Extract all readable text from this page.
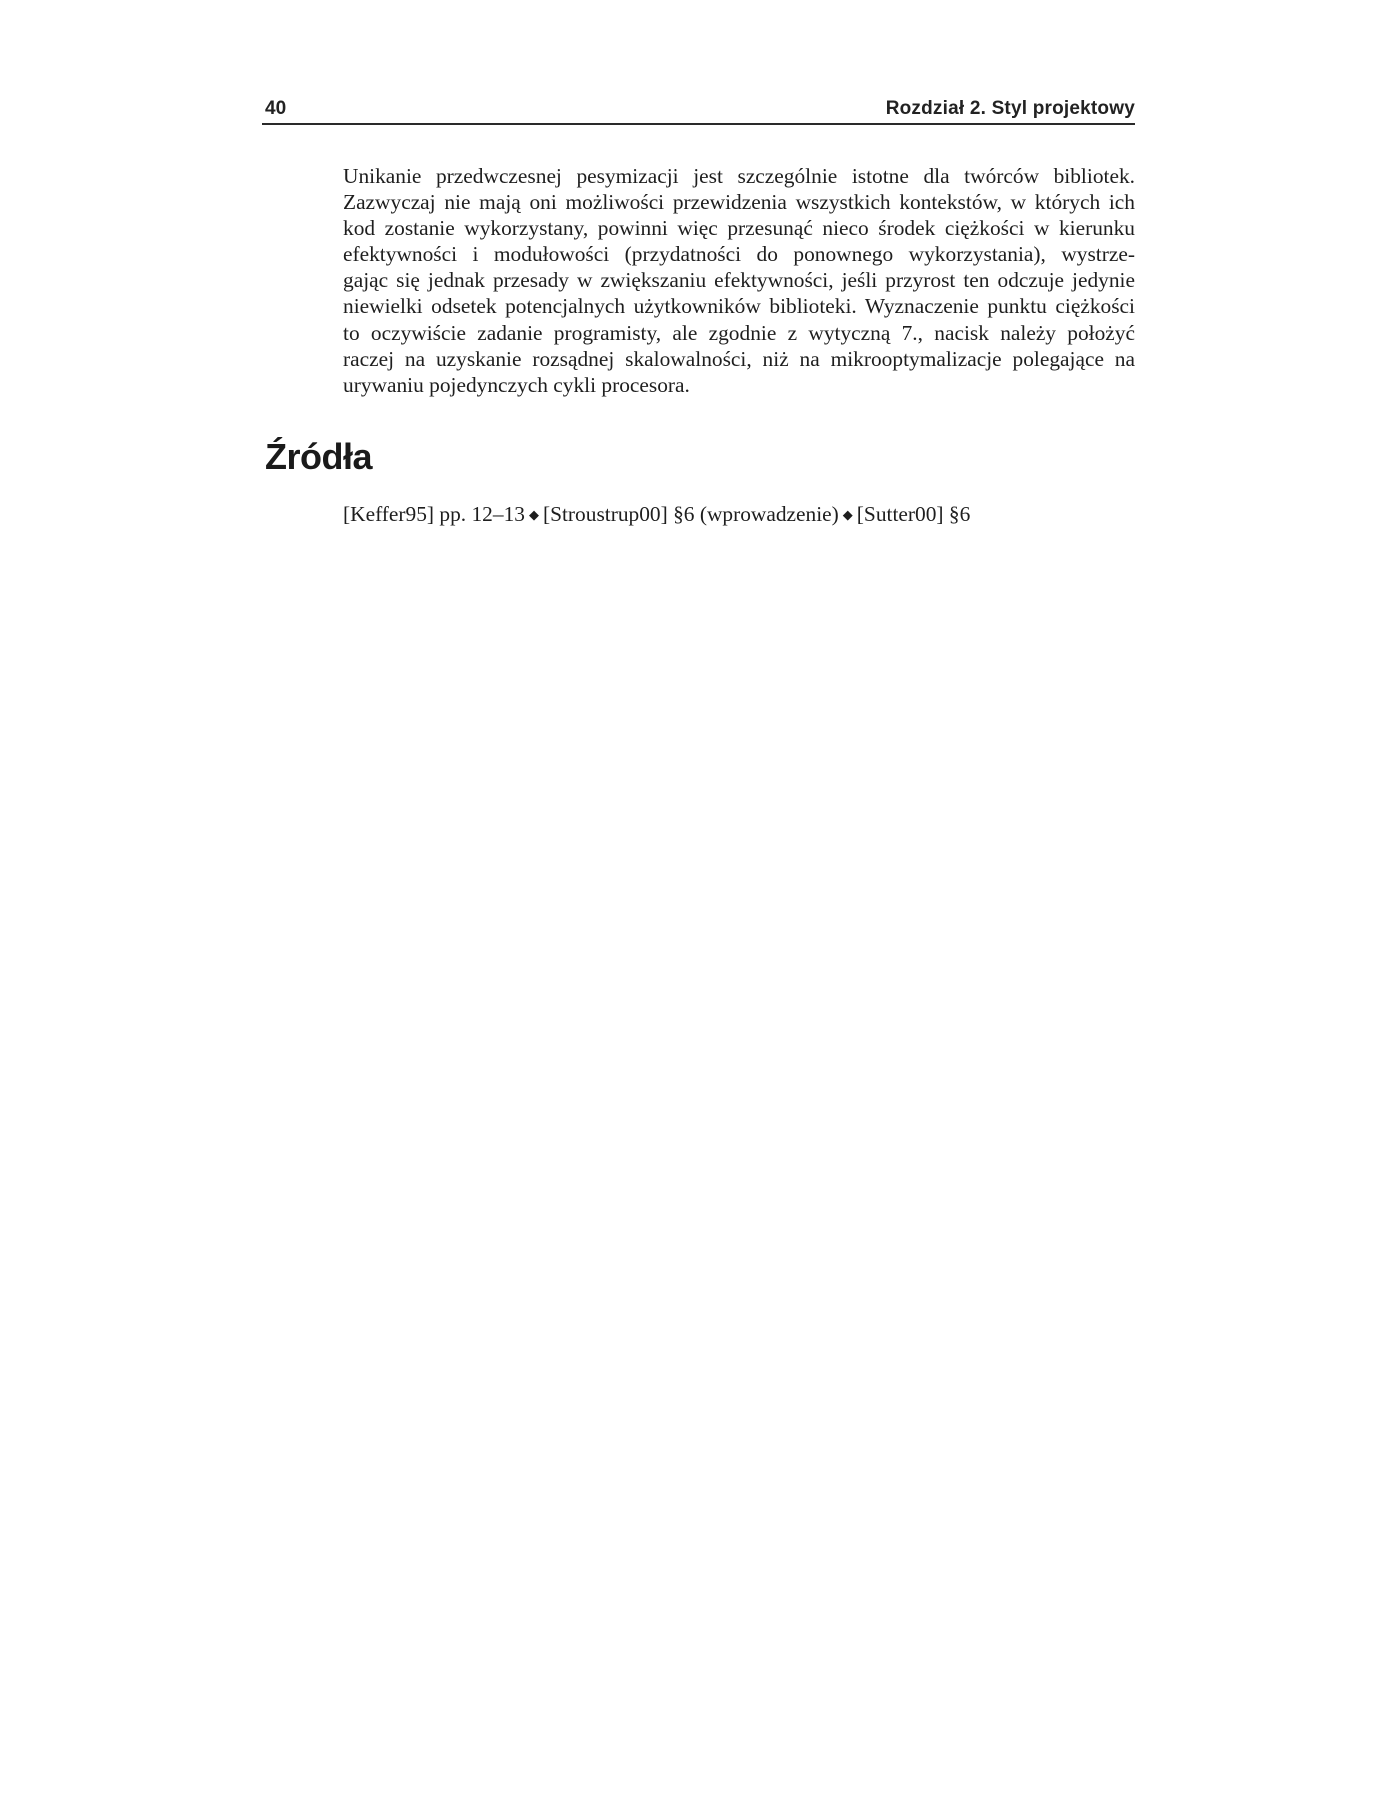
40	Rozdział 2. Styl projektowy
Unikanie przedwczesnej pesymizacji jest szczególnie istotne dla twórców bibliotek.
Zazwyczaj nie mają oni możliwości przewidzenia wszystkich kontekstów, w których ich
kod zostanie wykorzystany, powinni więc przesunąć nieco środek ciężkości w kierunku
efektywności i modułowości (przydatności do ponownego wykorzystania), wystrze-
gając się jednak przesady w zwiększaniu efektywności, jeśli przyrost ten odczuje jedynie
niewielki odsetek potencjalnych użytkowników biblioteki. Wyznaczenie punktu ciężkości
to oczywiście zadanie programisty, ale zgodnie z wytyczną 7., nacisk należy położyć
raczej na uzyskanie rozsądnej skalowalności, niż na mikrooptymalizacje polegające na
urywaniu pojedynczych cykli procesora.
Źródła
[Keffer95] pp. 12–13 ◆ [Stroustrup00] §6 (wprowadzenie) ◆ [Sutter00] §6
